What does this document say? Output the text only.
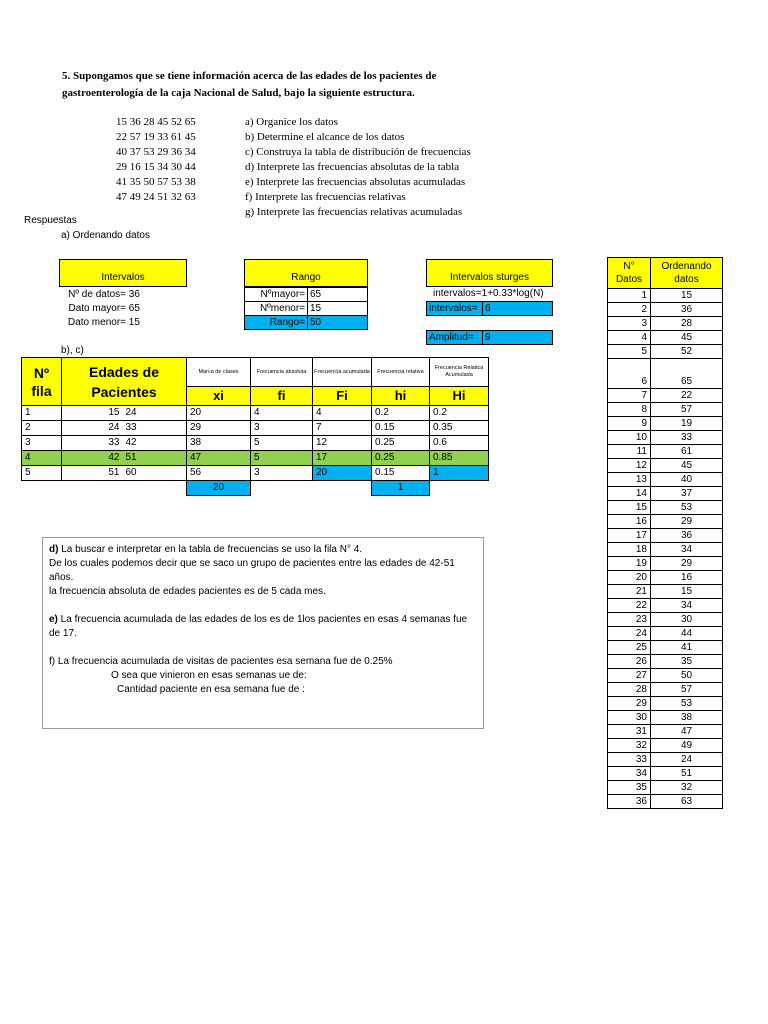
5. Supongamos que se tiene información acerca de las edades de los pacientes de
gastroenterología de la caja Nacional de Salud, bajo la siguiente estructura.
15 36 28 45 52 65
22 57 19 33 61 45
40 37 53 29 36 34
29 16 15 34 30 44
41 35 50 57 53 38
47 49 24 51 32 63
a) Organice los datos
b) Determine el alcance de los datos
c) Construya la tabla de distribución de frecuencias
d) Interprete las frecuencias absolutas de la tabla
e) Interprete las frecuencias absolutas acumuladas
f) Interprete las frecuencias relativas
g) Interprete las frecuencias relativas acumuladas
Respuestas
a) Ordenando datos
Intervalos
Nº de datos= 36
Dato mayor= 65
Dato menor= 15
Rango
Nºmayor= 65
Nºmenor= 15
Rango= 50
Intervalos sturges
intervalos=1+0.33*log(N)
intervalos= 6
Amplitud=	9
b), c)
Nº fila	Edades de Pacientes		Marca de clases	Frecuencia absoluta	Frecuencia acumulada	Frecuencia relativa	Frecuencia Relatica Acumulada
			xi	fi	Fi	hi	Hi
1	15	24	20	4	4	0.2	0.2
2	24	33	29	3	7	0.15	0.35
3	33	42	38	5	12	0.25	0.6
4	42	51	47	5	17	0.25	0.85
5	51	60	56	3	20	0.15	1
			20			1	

d) La buscar e interpretar en la tabla de frecuencias se uso la fila N° 4.

De los cuales podemos decir que se saco un grupo de pacientes entre las edades de 42-51

años.

la frecuencia absoluta de edades pacientes es de 5 cada mes.

e) La frecuencia acumulada de las edades de los es de 1los pacientes en esas 4 semanas fue

de 17.

f) La frecuencia acumulada de visitas de pacientes esa semana fue de 0.25%

O sea que vinieron en esas semanas ue de:

Cantidad paciente en esa semana fue de :

N° Datos	Ordenando datos
1	15
2	36
3	28
4	45
5	52
6	65
7	22
8	57
9	19
10	33
11	61
12	45
13	40
14	37
15	53
16	29
17	36
18	34
19	29
20	16
21	15
22	34
23	30
24	44
25	41
26	35
27	50
28	57
29	53
30	38
31	47
32	49
33	24
34	51
35	32
36	63
